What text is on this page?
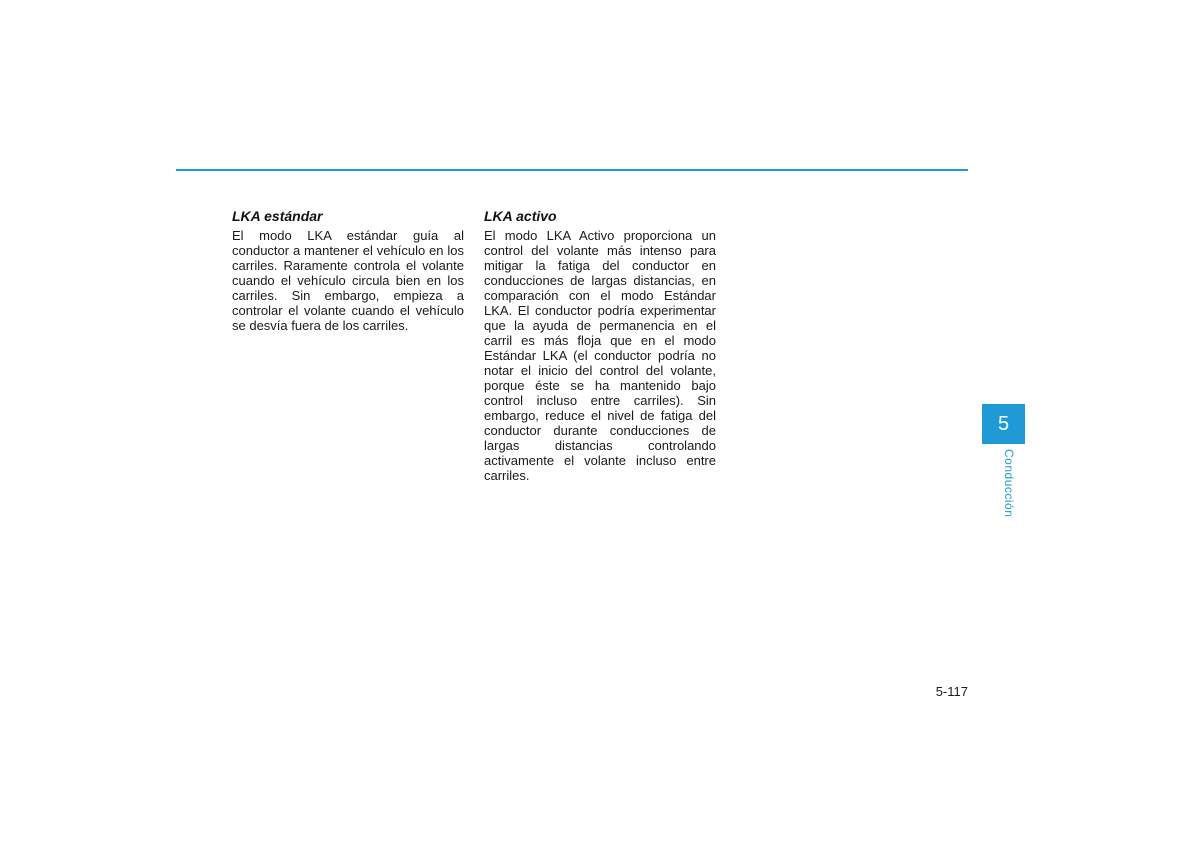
LKA estándar

El modo LKA estándar guía al conductor a mantener el vehículo en los carriles. Raramente controla el volante cuando el vehículo circula bien en los carriles. Sin embargo, empieza a controlar el volante cuando el vehículo se desvía fuera de los carriles.

LKA activo

El modo LKA Activo proporciona un control del volante más intenso para mitigar la fatiga del conductor en conducciones de largas distancias, en comparación con el modo Estándar LKA. El conductor podría experimentar que la ayuda de permanencia en el carril es más floja que en el modo Estándar LKA (el conductor podría no notar el inicio del control del volante, porque éste se ha mantenido bajo control incluso entre carriles). Sin embargo, reduce el nivel de fatiga del conductor durante conducciones de largas distancias controlando activamente el volante incluso entre carriles.

5
Conducción
5-117
